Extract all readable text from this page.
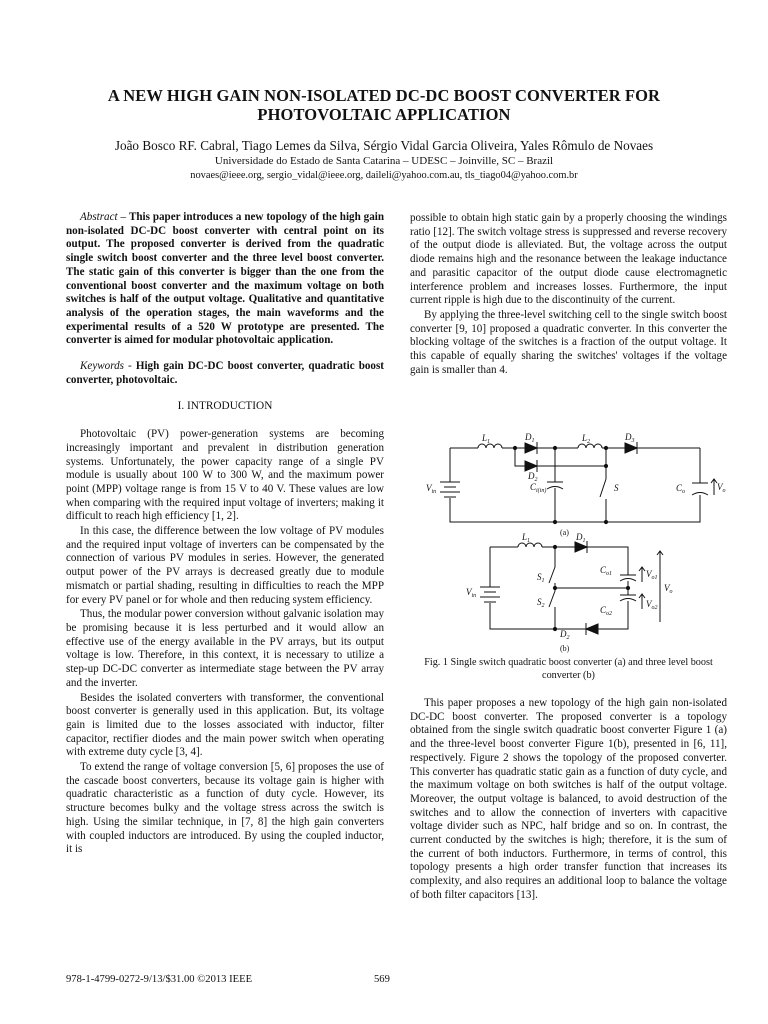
A NEW HIGH GAIN NON-ISOLATED DC-DC BOOST CONVERTER FOR PHOTOVOLTAIC APPLICATION
João Bosco RF. Cabral, Tiago Lemes da Silva, Sérgio Vidal Garcia Oliveira, Yales Rômulo de Novaes
Universidade do Estado de Santa Catarina – UDESC – Joinville, SC – Brazil
novaes@ieee.org, sergio_vidal@ieee.org, daileli@yahoo.com.au, tls_tiago04@yahoo.com.br

Abstract – This paper introduces a new topology of the high gain non-isolated DC-DC boost converter with central point on its output. The proposed converter is derived from the quadratic single switch boost converter and the three level boost converter. The static gain of this converter is bigger than the one from the conventional boost converter and the maximum voltage on both switches is half of the output voltage. Qualitative and quantitative analysis of the operation stages, the main waveforms and the experimental results of a 520 W prototype are presented. The converter is aimed for modular photovoltaic application.

Keywords - High gain DC-DC boost converter, quadratic boost converter, photovoltaic.

I. INTRODUCTION

Photovoltaic (PV) power-generation systems are becoming increasingly important and prevalent in distribution generation systems. Unfortunately, the power capacity range of a single PV module is usually about 100 W to 300 W, and the maximum power point (MPP) voltage range is from 15 V to 40 V. These values are low when comparing with the required input voltage of inverters; making it difficult to reach high efficiency [1, 2].

In this case, the difference between the low voltage of PV modules and the required input voltage of inverters can be compensated by the connection of various PV modules in series. However, the generated output power of the PV arrays is decreased greatly due to module mismatch or partial shading, resulting in difficulties to reach the MPP for every PV panel or for whole and then reducing system efficiency.

Thus, the modular power conversion without galvanic isolation may be promising because it is less perturbed and it would allow an effective use of the energy available in the PV arrays, but its output voltage is low. Therefore, in this context, it is necessary to utilize a step-up DC-DC converter as intermediate stage between the PV array and the inverter.

Besides the isolated converters with transformer, the conventional boost converter is generally used in this application. But, its voltage gain is limited due to the losses associated with inductor, filter capacitor, rectifier diodes and the main power switch when operating with extreme duty cycle [3, 4].

To extend the range of voltage conversion [5, 6] proposes the use of the cascade boost converters, because its voltage gain is higher with quadratic characteristic as a function of duty cycle. However, its structure becomes bulky and the voltage stress across the switch is high. Using the similar technique, in [7, 8] the high gain converters with coupled inductors are introduced. By using the coupled inductor, it is

possible to obtain high static gain by a properly choosing the windings ratio [12]. The switch voltage stress is suppressed and reverse recovery of the output diode is alleviated. But, the voltage across the output diode remains high and the resonance between the leakage inductance and parasitic capacitor of the output diode cause electromagnetic interference problem and increases losses. Furthermore, the input current ripple is high due to the discontinuity of the current.

By applying the three-level switching cell to the single switch boost converter [9, 10] proposed a quadratic converter. In this converter the blocking voltage of the switches is a fraction of the output voltage. It this capable of equally sharing the switches' voltages if the voltage gain is smaller than 4.

$L_1$	$D_1$	$L_2$	$D_3$
$D_2$
$V_{in}$	$C_{i(in)}$	S	$C_o$	$V_o$
$L_1$	$D_1$
$V_{in}$
$S_1$
$S_2$
$C_{o1}$
$C_{o2}$
$V_{o1}$
$V_{o2}$
$V_o$
$D_2$
(a)
(b)
Fig. 1 Single switch quadratic boost converter (a) and three level boost converter (b)

This paper proposes a new topology of the high gain non-isolated DC-DC boost converter. The proposed converter is a topology obtained from the single switch quadratic boost converter Figure 1 (a) and the three-level boost converter Figure 1(b), presented in [6, 11], respectively. Figure 2 shows the topology of the proposed converter. This converter has quadratic static gain as a function of duty cycle, and the maximum voltage on both switches is half of the output voltage. Moreover, the output voltage is balanced, to avoid destruction of the switches and to allow the connection of inverters with capacitive voltage divider such as NPC, half bridge and so on. In contrast, the current conducted by the switches is high; therefore, it is the sum of the current of both inductors. Furthermore, in terms of control, this topology presents a high order transfer function that increases its complexity, and also requires an additional loop to balance the voltage of both filter capacitors [13].

978-1-4799-0272-9/13/$31.00 ©2013 IEEE	569
